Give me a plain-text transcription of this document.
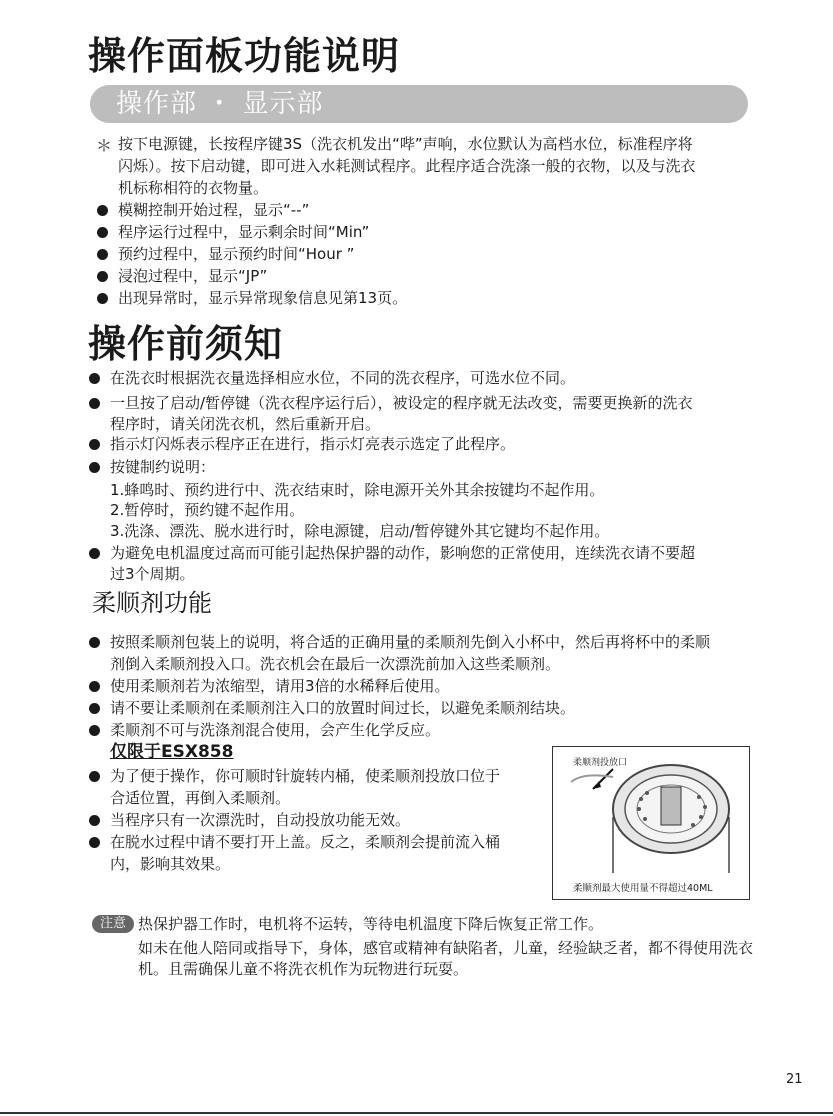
操作面板功能说明
操作部 ・ 显示部
＊ 按下电源键，长按程序键3S（洗衣机发出“哔”声响，水位默认为高档水位，标准程序将
闪烁）。按下启动键，即可进入水耗测试程序。此程序适合洗涤一般的衣物，以及与洗衣
机标称相符的衣物量。
模糊控制开始过程，显示“--”
程序运行过程中，显示剩余时间“Min”
预约过程中，显示预约时间“Hour ”
浸泡过程中，显示“JP”
出现异常时，显示异常现象信息见第13页。
操作前须知
在洗衣时根据洗衣量选择相应水位，不同的洗衣程序，可选水位不同。
一旦按了启动/暂停键（洗衣程序运行后），被设定的程序就无法改变，需要更换新的洗衣
程序时，请关闭洗衣机，然后重新开启。
指示灯闪烁表示程序正在进行，指示灯亮表示选定了此程序。
按键制约说明：
1.蜂鸣时、预约进行中、洗衣结束时，除电源开关外其余按键均不起作用。
2.暂停时，预约键不起作用。
3.洗涤、漂洗、脱水进行时，除电源键，启动/暂停键外其它键均不起作用。
为避免电机温度过高而可能引起热保护器的动作，影响您的正常使用，连续洗衣请不要超
过3个周期。
柔顺剂功能
按照柔顺剂包装上的说明，将合适的正确用量的柔顺剂先倒入小杯中，然后再将杯中的柔顺
剂倒入柔顺剂投入口。洗衣机会在最后一次漂洗前加入这些柔顺剂。
使用柔顺剂若为浓缩型，请用3倍的水稀释后使用。
请不要让柔顺剂在柔顺剂注入口的放置时间过长，以避免柔顺剂结块。
柔顺剂不可与洗涤剂混合使用，会产生化学反应。
仅限于ESX858
为了便于操作，你可顺时针旋转内桶，使柔顺剂投放口位于
合适位置，再倒入柔顺剂。
当程序只有一次漂洗时，自动投放功能无效。
在脱水过程中请不要打开上盖。反之，柔顺剂会提前流入桶
内，影响其效果。
柔顺剂投放口
柔顺剂最大使用量不得超过40ML
注意 热保护器工作时，电机将不运转，等待电机温度下降后恢复正常工作。
如未在他人陪同或指导下，身体，感官或精神有缺陷者，儿童，经验缺乏者，都不得使用洗衣
机。且需确保儿童不将洗衣机作为玩物进行玩耍。
21
